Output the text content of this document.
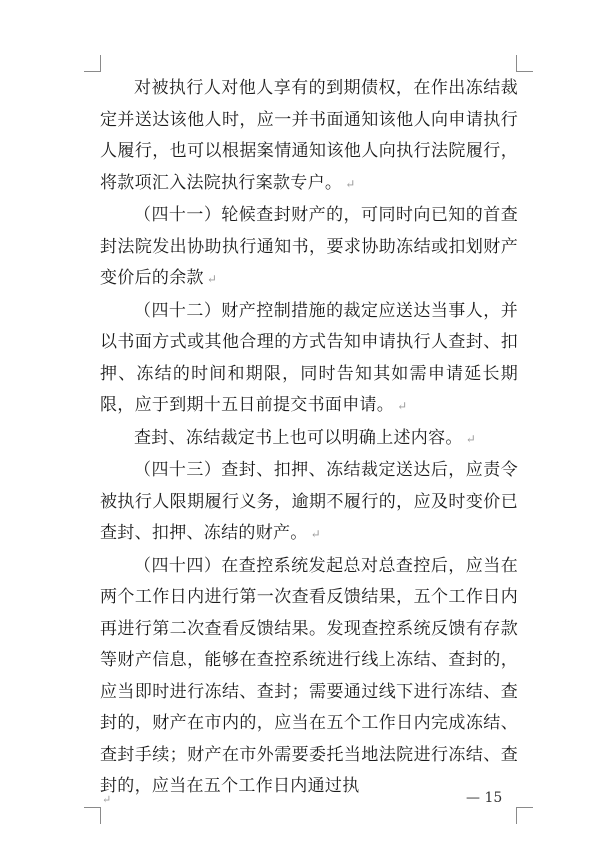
对被执行人对他人享有的到期债权，在作出冻结裁定并送达该他人时，应一并书面通知该他人向申请执行人履行，也可以根据案情通知该他人向执行法院履行，将款项汇入法院执行案款专户。 ↵

（四十一）轮候查封财产的，可同时向已知的首查封法院发出协助执行通知书，要求协助冻结或扣划财产变价后的余款 ↵

（四十二）财产控制措施的裁定应送达当事人，并以书面方式或其他合理的方式告知申请执行人查封、扣押、冻结的时间和期限，同时告知其如需申请延长期限，应于到期十五日前提交书面申请。 ↵

查封、冻结裁定书上也可以明确上述内容。 ↵

（四十三）查封、扣押、冻结裁定送达后，应责令被执行人限期履行义务，逾期不履行的，应及时变价已查封、扣押、冻结的财产。 ↵

（四十四）在查控系统发起总对总查控后，应当在两个工作日内进行第一次查看反馈结果，五个工作日内再进行第二次查看反馈结果。发现查控系统反馈有存款等财产信息，能够在查控系统进行线上冻结、查封的，应当即时进行冻结、查封；需要通过线下进行冻结、查封的，财产在市内的，应当在五个工作日内完成冻结、查封手续；财产在市外需要委托当地法院进行冻结、查封的，应当在五个工作日内通过执

↵	— 15
